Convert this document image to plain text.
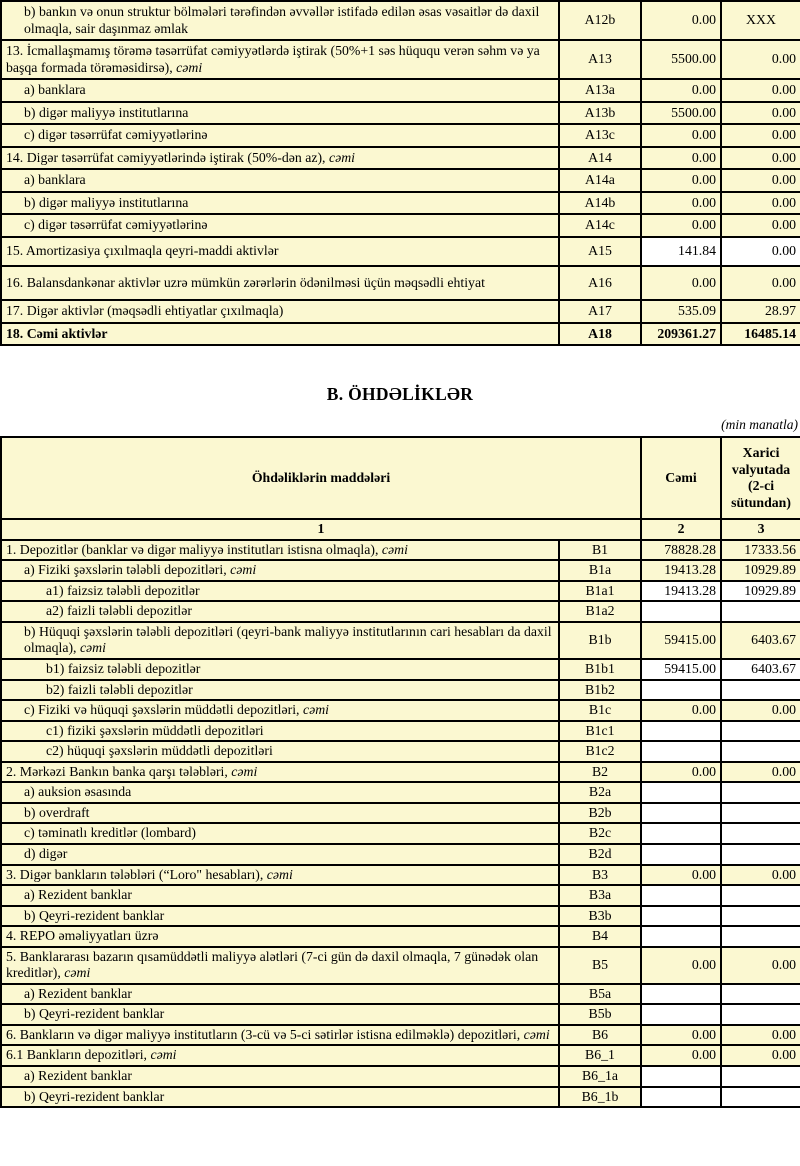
b) bankın və onun struktur bölmələri tərəfindən əvvəllər istifadə edilən əsas vəsaitlər də daxil olmaqla, sair daşınmaz əmlak	A12b	0.00	XXX
13. İcmallaşmamış törəmə təsərrüfat cəmiyyətlərdə iştirak (50%+1 səs hüququ verən səhm və ya başqa formada törəməsidirsə), cəmi	A13	5500.00	0.00
a) banklara	A13a	0.00	0.00
b) digər maliyyə institutlarına	A13b	5500.00	0.00
c) digər təsərrüfat cəmiyyətlərinə	A13c	0.00	0.00
14. Digər təsərrüfat cəmiyyətlərində iştirak (50%-dən az), cəmi	A14	0.00	0.00
a) banklara	A14a	0.00	0.00
b) digər maliyyə institutlarına	A14b	0.00	0.00
c) digər təsərrüfat cəmiyyətlərinə	A14c	0.00	0.00
15. Amortizasiya çıxılmaqla qeyri-maddi aktivlər	A15	141.84	0.00
16. Balansdankənar aktivlər uzrə mümkün zərərlərin ödənilməsi üçün məqsədli ehtiyat	A16	0.00	0.00
17. Digər aktivlər (məqsədli ehtiyatlar çıxılmaqla)	A17	535.09	28.97
18. Cəmi aktivlər	A18	209361.27	16485.14
B. ÖHDƏLİKLƏR
(min manatla)
Öhdəliklərin maddələri		Cəmi	Xarici valyutada (2-ci sütundan)
1		2	3
1. Depozitlər (banklar və digər maliyyə institutları istisna olmaqla), cəmi	B1	78828.28	17333.56
a) Fiziki şəxslərin tələbli depozitləri, cəmi	B1a	19413.28	10929.89
a1) faizsiz tələbli depozitlər	B1a1	19413.28	10929.89
a2) faizli tələbli depozitlər	B1a2		
b) Hüquqi şəxslərin tələbli depozitləri (qeyri-bank maliyyə institutlarının cari hesabları da daxil olmaqla), cəmi	B1b	59415.00	6403.67
b1) faizsiz tələbli depozitlər	B1b1	59415.00	6403.67
b2) faizli tələbli depozitlər	B1b2		
c) Fiziki və hüquqi şəxslərin müddətli depozitləri, cəmi	B1c	0.00	0.00
c1) fiziki şəxslərin müddətli depozitləri	B1c1		
c2) hüquqi şəxslərin müddətli depozitləri	B1c2		
2. Mərkəzi Bankın banka qarşı tələbləri, cəmi	B2	0.00	0.00
a) auksion əsasında	B2a		
b) overdraft	B2b		
c) təminatlı kreditlər (lombard)	B2c		
d) digər	B2d		
3. Digər bankların tələbləri (“Loro" hesabları), cəmi	B3	0.00	0.00
a) Rezident banklar	B3a		
b) Qeyri-rezident banklar	B3b		
4. REPO əməliyyatları üzrə	B4		
5. Banklararası bazarın qısamüddətli maliyyə alətləri (7-ci gün də daxil olmaqla, 7 günədək olan kreditlər), cəmi	B5	0.00	0.00
a) Rezident banklar	B5a		
b) Qeyri-rezident banklar	B5b		
6. Bankların və digər maliyyə institutların (3-cü və 5-ci sətirlər istisna edilməklə) depozitləri, cəmi	B6	0.00	0.00
6.1 Bankların depozitləri, cəmi	B6_1	0.00	0.00
a) Rezident banklar	B6_1a		
b) Qeyri-rezident banklar	B6_1b		
